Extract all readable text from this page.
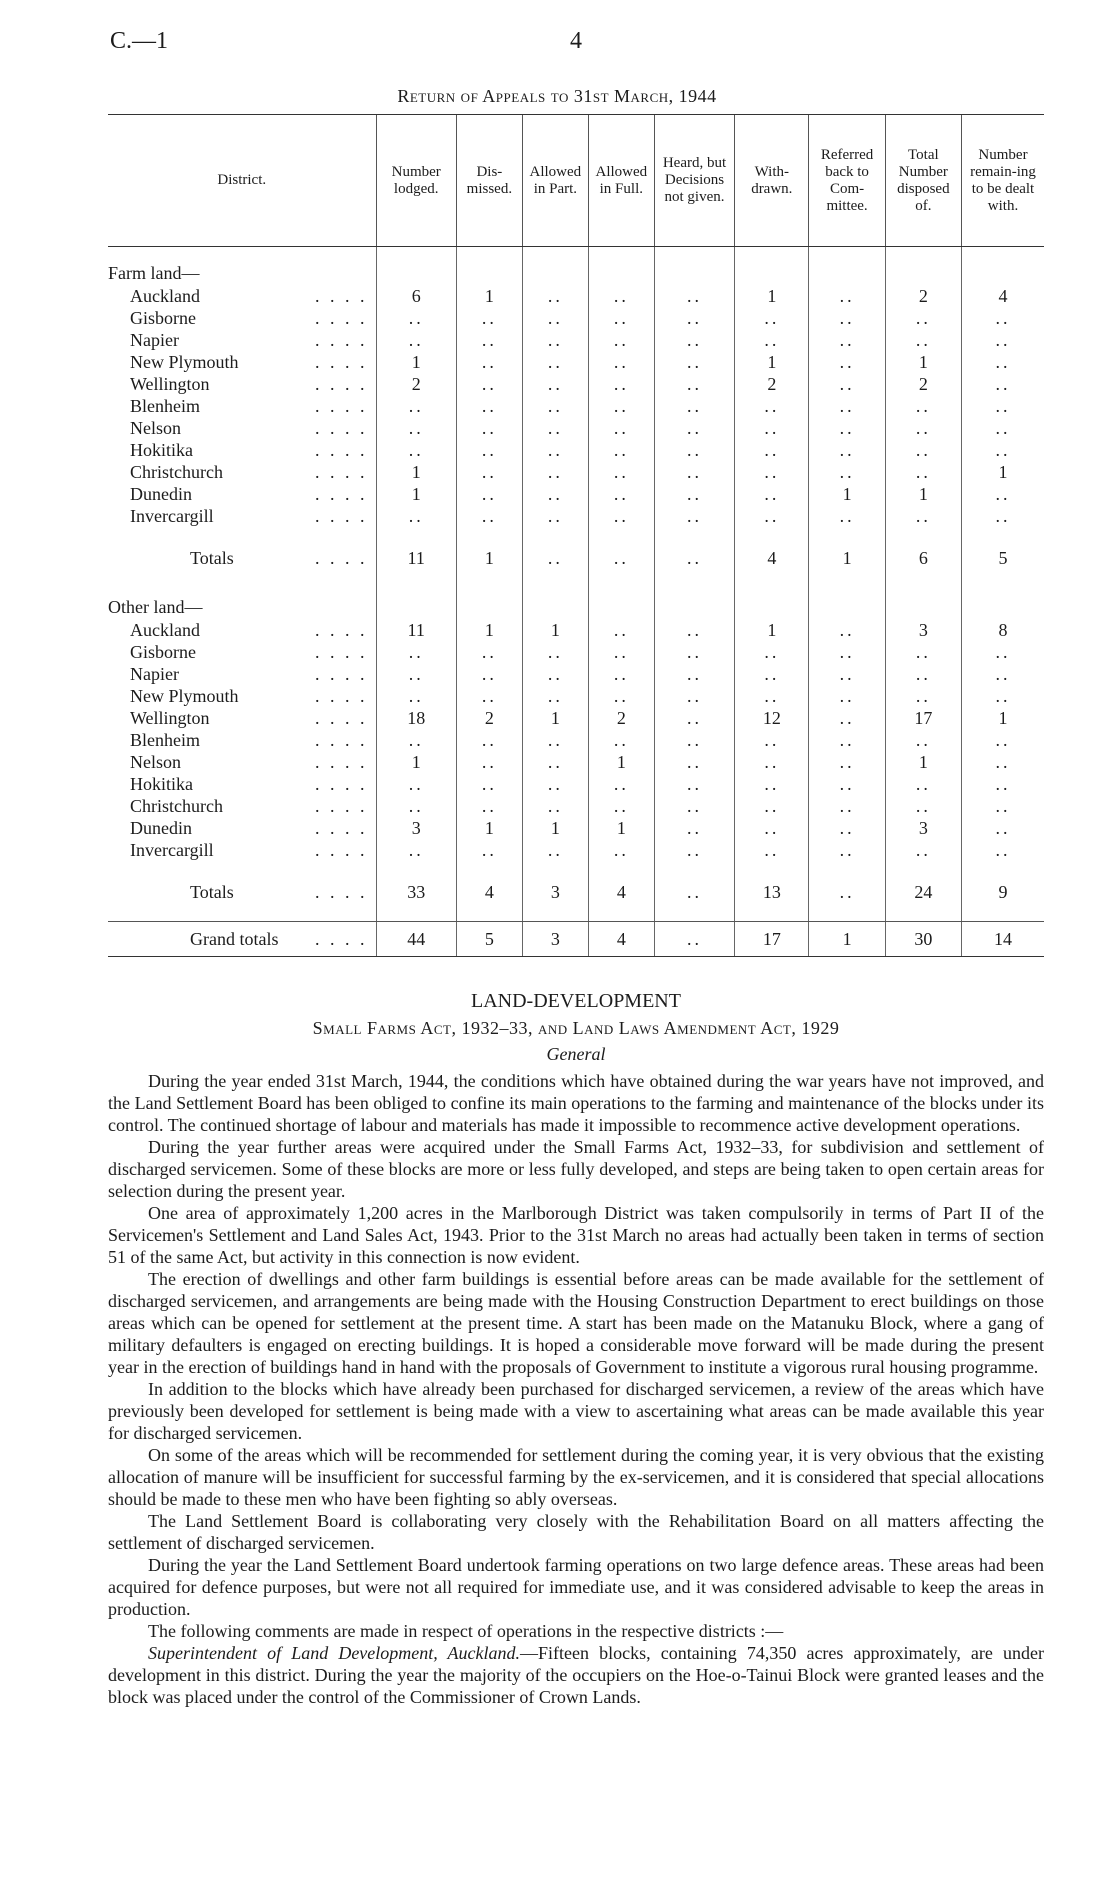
C.—1	4
Return of Appeals to 31st March, 1944
District.	Number lodged.	Dis-missed.	Allowed in Part.	Allowed in Full.	Heard, but Decisions not given.	With-drawn.	Referred back to Com-mittee.	Total Number disposed of.	Number remain-ing to be dealt with.

Farm land—									

Auckland . . . .	6	1	..	..	..	1	..	2	4

Gisborne . . . .	..	..	..	..	..	..	..	..	..

Napier . . . .	..	..	..	..	..	..	..	..	..

New Plymouth . . . .	1	..	..	..	..	1	..	1	..

Wellington . . . .	2	..	..	..	..	2	..	2	..

Blenheim . . . .	..	..	..	..	..	..	..	..	..

Nelson . . . .	..	..	..	..	..	..	..	..	..

Hokitika . . . .	..	..	..	..	..	..	..	..	..

Christchurch . . . .	1	..	..	..	..	..	..	..	1

Dunedin . . . .	1	..	..	..	..	..	1	1	..

Invercargill . . . .	..	..	..	..	..	..	..	..	..

Totals . . . .	11	1	..	..	..	4	1	6	5

Other land—									

Auckland . . . .	11	1	1	..	..	1	..	3	8

Gisborne . . . .	..	..	..	..	..	..	..	..	..

Napier . . . .	..	..	..	..	..	..	..	..	..

New Plymouth . . . .	..	..	..	..	..	..	..	..	..

Wellington . . . .	18	2	1	2	..	12	..	17	1

Blenheim . . . .	..	..	..	..	..	..	..	..	..

Nelson . . . .	1	..	..	1	..	..	..	1	..

Hokitika . . . .	..	..	..	..	..	..	..	..	..

Christchurch . . . .	..	..	..	..	..	..	..	..	..

Dunedin . . . .	3	1	1	1	..	..	..	3	..

Invercargill . . . .	..	..	..	..	..	..	..	..	..

Totals . . . .	33	4	3	4	..	13	..	24	9

Grand totals . . . .	44	5	3	4	..	17	1	30	14

LAND-DEVELOPMENT

Small Farms Act, 1932–33, and Land Laws Amendment Act, 1929

General

During the year ended 31st March, 1944, the conditions which have obtained during the war years have not improved, and the Land Settlement Board has been obliged to confine its main operations to the farming and maintenance of the blocks under its control. The continued shortage of labour and materials has made it impossible to recommence active development operations.

During the year further areas were acquired under the Small Farms Act, 1932–33, for subdivision and settlement of discharged servicemen. Some of these blocks are more or less fully developed, and steps are being taken to open certain areas for selection during the present year.

One area of approximately 1,200 acres in the Marlborough District was taken compulsorily in terms of Part II of the Servicemen's Settlement and Land Sales Act, 1943. Prior to the 31st March no areas had actually been taken in terms of section 51 of the same Act, but activity in this connection is now evident.

The erection of dwellings and other farm buildings is essential before areas can be made available for the settlement of discharged servicemen, and arrangements are being made with the Housing Construction Department to erect buildings on those areas which can be opened for settlement at the present time. A start has been made on the Matanuku Block, where a gang of military defaulters is engaged on erecting buildings. It is hoped a considerable move forward will be made during the present year in the erection of buildings hand in hand with the proposals of Government to institute a vigorous rural housing programme.

In addition to the blocks which have already been purchased for discharged servicemen, a review of the areas which have previously been developed for settlement is being made with a view to ascertaining what areas can be made available this year for discharged servicemen.

On some of the areas which will be recommended for settlement during the coming year, it is very obvious that the existing allocation of manure will be insufficient for successful farming by the ex-servicemen, and it is considered that special allocations should be made to these men who have been fighting so ably overseas.

The Land Settlement Board is collaborating very closely with the Rehabilitation Board on all matters affecting the settlement of discharged servicemen.

During the year the Land Settlement Board undertook farming operations on two large defence areas. These areas had been acquired for defence purposes, but were not all required for immediate use, and it was considered advisable to keep the areas in production.

The following comments are made in respect of operations in the respective districts :—

Superintendent of Land Development, Auckland.—Fifteen blocks, containing 74,350 acres approximately, are under development in this district. During the year the majority of the occupiers on the Hoe-o-Tainui Block were granted leases and the block was placed under the control of the Commissioner of Crown Lands.
